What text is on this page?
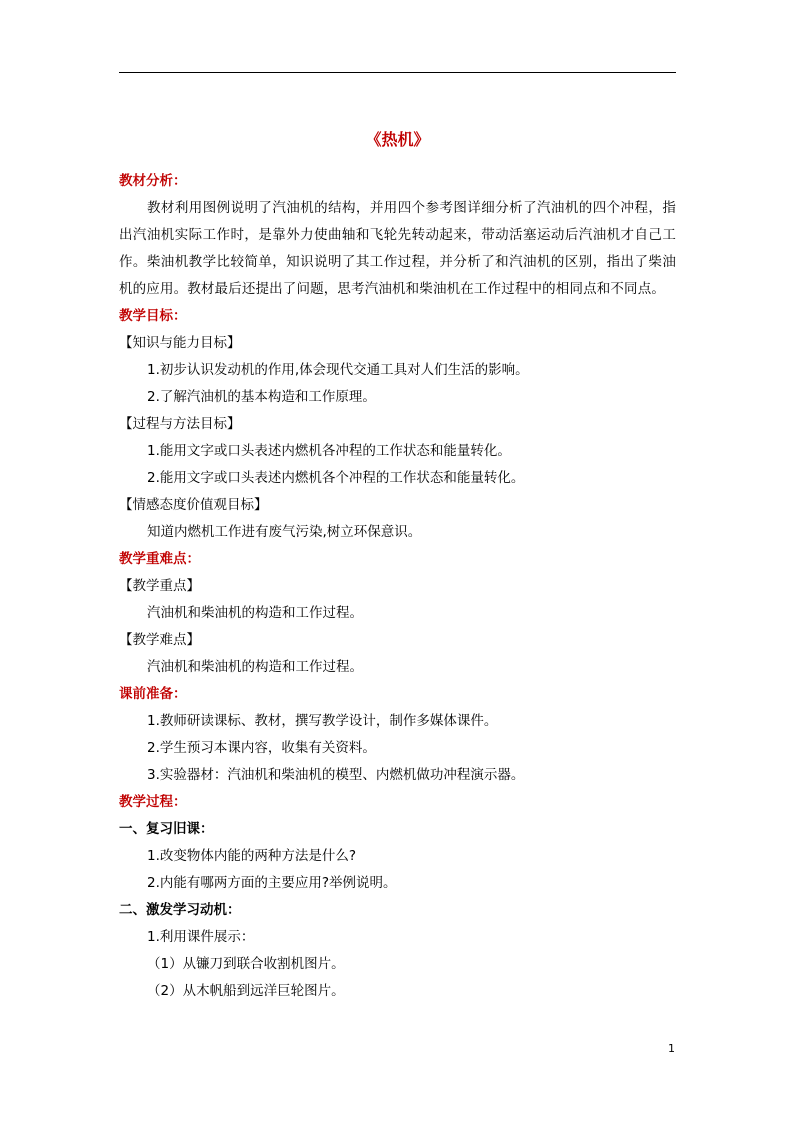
《热机》
教材分析：
教材利用图例说明了汽油机的结构，并用四个参考图详细分析了汽油机的四个冲程，指出汽油机实际工作时，是靠外力使曲轴和飞轮先转动起来，带动活塞运动后汽油机才自己工作。柴油机教学比较简单，知识说明了其工作过程，并分析了和汽油机的区别，指出了柴油机的应用。教材最后还提出了问题，思考汽油机和柴油机在工作过程中的相同点和不同点。
教学目标：
【知识与能力目标】
1.初步认识发动机的作用,体会现代交通工具对人们生活的影响。
2.了解汽油机的基本构造和工作原理。
【过程与方法目标】
1.能用文字或口头表述内燃机各冲程的工作状态和能量转化。
2.能用文字或口头表述内燃机各个冲程的工作状态和能量转化。
【情感态度价值观目标】
知道内燃机工作进有废气污染,树立环保意识。
教学重难点：
【教学重点】
汽油机和柴油机的构造和工作过程。
【教学难点】
汽油机和柴油机的构造和工作过程。
课前准备：
1.教师研读课标、教材，撰写教学设计，制作多媒体课件。
2.学生预习本课内容，收集有关资料。
3.实验器材：汽油机和柴油机的模型、内燃机做功冲程演示器。
教学过程：
一、复习旧课：
1.改变物体内能的两种方法是什么?
2.内能有哪两方面的主要应用?举例说明。
二、激发学习动机：
1.利用课件展示：
（1）从镰刀到联合收割机图片。
（2）从木帆船到远洋巨轮图片。
1
